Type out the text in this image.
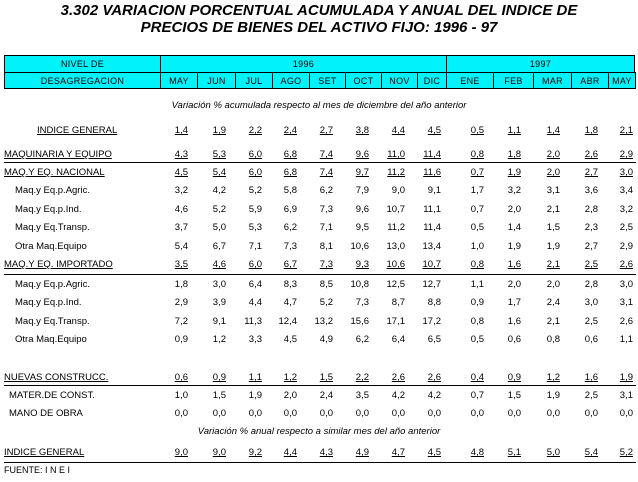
3.302 VARIACION PORCENTUAL ACUMULADA Y ANUAL DEL INDICE DE
PRECIOS DE BIENES DEL ACTIVO FIJO: 1996 - 97
NIVEL DE
DESAGREGACION
1996	1997
MAY	JUN	JUL	AGO	SET	OCT	NOV	DIC	ENE	FEB	MAR	ABR	MAY
Variación % acumulada respecto al mes de diciembre del año anterior
INDICE GENERAL	1,4	1,9	2,2	2,4	2,7	3,8	4,4	4,5	0,5	1,1	1,4	1,8	2,1
MAQUINARIA Y EQUIPO	4,3	5,3	6,0	6,8	7,4	9,6	11,0	11,4	0,8	1,8	2,0	2,6	2,9
MAQ.Y EQ. NACIONAL	4,5	5,4	6,0	6,8	7,4	9,7	11,2	11,6	0,7	1,9	2,0	2,7	3,0
Maq.y Eq.p.Agric.	3,2	4,2	5,2	5,8	6,2	7,9	9,0	9,1	1,7	3,2	3,1	3,6	3,4
Maq.y Eq.p.Ind.	4,6	5,2	5,9	6,9	7,3	9,6	10,7	11,1	0,7	2,0	2,1	2,8	3,2
Maq.y Eq.Transp.	3,7	5,0	5,3	6,2	7,1	9,5	11,2	11,4	0,5	1,4	1,5	2,3	2,5
Otra Maq.Equipo	5,4	6,7	7,1	7,3	8,1	10,6	13,0	13,4	1,0	1,9	1,9	2,7	2,9
MAQ.Y EQ. IMPORTADO	3,5	4,6	6,0	6,7	7,3	9,3	10,6	10,7	0,8	1,6	2,1	2,5	2,6
Maq.y Eq.p.Agric.	1,8	3,0	6,4	8,3	8,5	10,8	12,5	12,7	1,1	2,0	2,0	2,8	3,0
Maq.y Eq.p.Ind.	2,9	3,9	4,4	4,7	5,2	7,3	8,7	8,8	0,9	1,7	2,4	3,0	3,1
Maq.y Eq.Transp.	7,2	9,1	11,3	12,4	13,2	15,6	17,1	17,2	0,8	1,6	2,1	2,5	2,6
Otra Maq.Equipo	0,9	1,2	3,3	4,5	4,9	6,2	6,4	6,5	0,5	0,6	0,8	0,6	1,1
NUEVAS CONSTRUCC.	0,6	0,9	1,1	1,2	1,5	2,2	2,6	2,6	0,4	0,9	1,2	1,6	1,9
MATER.DE CONST.	1,0	1,5	1,9	2,0	2,4	3,5	4,2	4,2	0,7	1,5	1,9	2,5	3,1
MANO DE OBRA	0,0	0,0	0,0	0,0	0,0	0,0	0,0	0,0	0,0	0,0	0,0	0,0	0,0
INDICE GENERAL	9,0	9,0	9,2	4,4	4,3	4,9	4,7	4,5	4,8	5,1	5,0	5,4	5,2
Variación % anual respecto a similar mes del año anterior
FUENTE: I N E I
